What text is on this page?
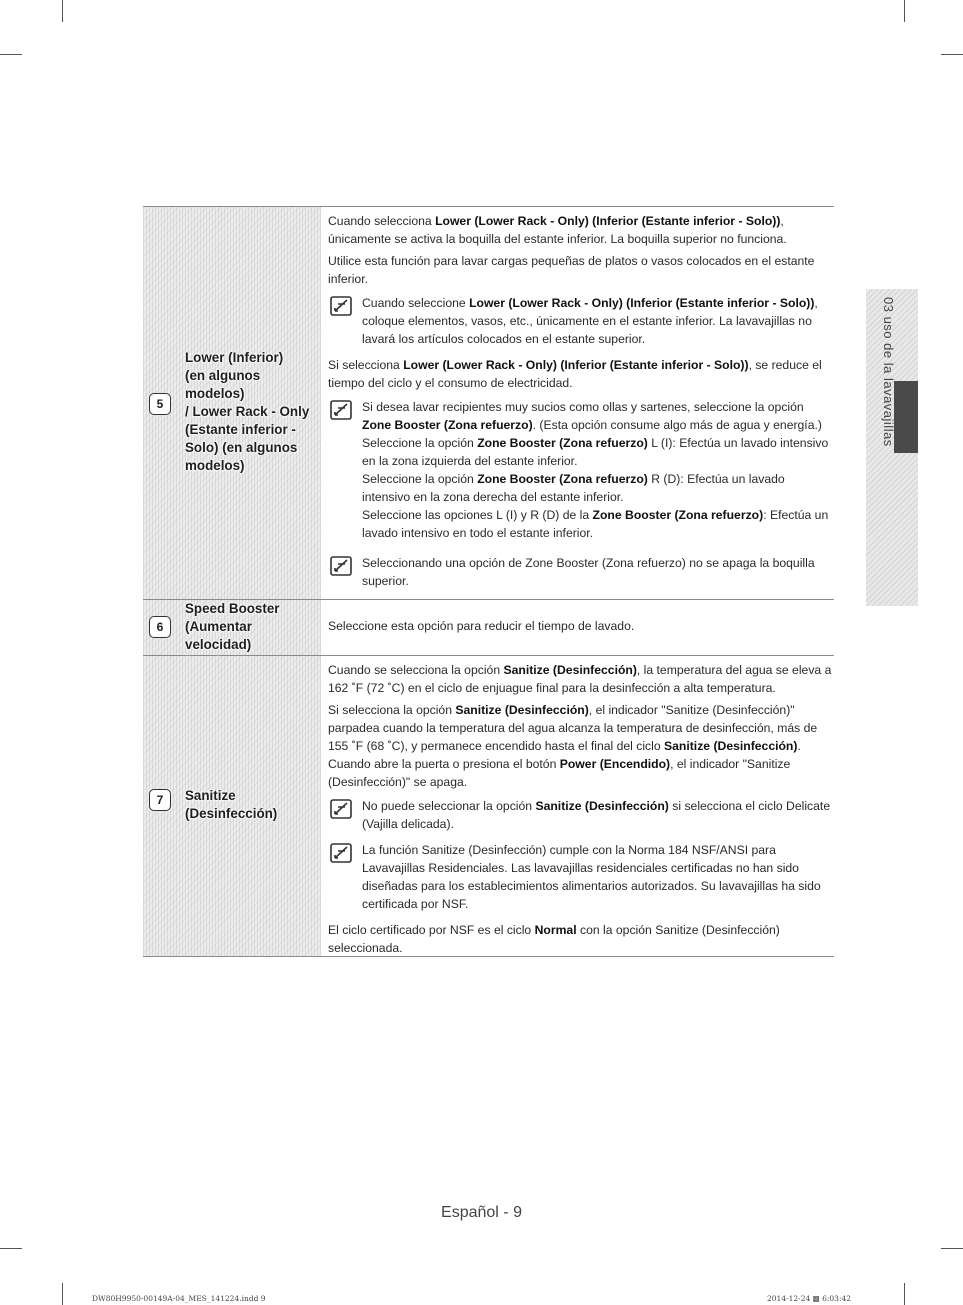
5
Lower (Inferior)
(en algunos modelos)
/ Lower Rack - Only
(Estante inferior -
Solo) (en algunos
modelos)

Cuando selecciona Lower (Lower Rack - Only) (Inferior (Estante inferior - Solo)), únicamente se activa la boquilla del estante inferior. La boquilla superior no funciona.

Utilice esta función para lavar cargas pequeñas de platos o vasos colocados en el estante inferior.

Cuando seleccione Lower (Lower Rack - Only) (Inferior (Estante inferior - Solo)), coloque elementos, vasos, etc., únicamente en el estante inferior. La lavavajillas no lavará los artículos colocados en el estante superior.

Si selecciona Lower (Lower Rack - Only) (Inferior (Estante inferior - Solo)), se reduce el tiempo del ciclo y el consumo de electricidad.

Si desea lavar recipientes muy sucios como ollas y sartenes, seleccione la opción Zone Booster (Zona refuerzo). (Esta opción consume algo más de agua y energía.)

Seleccione la opción Zone Booster (Zona refuerzo) L (I): Efectúa un lavado intensivo en la zona izquierda del estante inferior.

Seleccione la opción Zone Booster (Zona refuerzo) R (D): Efectúa un lavado intensivo en la zona derecha del estante inferior.

Seleccione las opciones L (I) y R (D) de la Zone Booster (Zona refuerzo): Efectúa un lavado intensivo en todo el estante inferior.

Seleccionando una opción de Zone Booster (Zona refuerzo) no se apaga la boquilla superior.

6
Speed Booster
(Aumentar velocidad)

Seleccione esta opción para reducir el tiempo de lavado.

7	Sanitize
(Desinfección)

Cuando se selecciona la opción Sanitize (Desinfección), la temperatura del agua se eleva a 162 ˚F (72 ˚C) en el ciclo de enjuague final para la desinfección a alta temperatura.

Si selecciona la opción Sanitize (Desinfección), el indicador "Sanitize (Desinfección)" parpadea cuando la temperatura del agua alcanza la temperatura de desinfección, más de 155 ˚F (68 ˚C), y permanece encendido hasta el final del ciclo Sanitize (Desinfección). Cuando abre la puerta o presiona el botón Power (Encendido), el indicador "Sanitize (Desinfección)" se apaga.

No puede seleccionar la opción Sanitize (Desinfección) si selecciona el ciclo Delicate (Vajilla delicada).

La función Sanitize (Desinfección) cumple con la Norma 184 NSF/ANSI para Lavavajillas Residenciales. Las lavavajillas residenciales certificadas no han sido diseñadas para los establecimientos alimentarios autorizados. Su lavavajillas ha sido certificada por NSF.

El ciclo certificado por NSF es el ciclo Normal con la opción Sanitize (Desinfección) seleccionada.

03 uso de la lavavajillas
Español - 9
DW80H9950-00149A-04_MES_141224.indd 9	2014-12-24 ▩ 6:03:42
